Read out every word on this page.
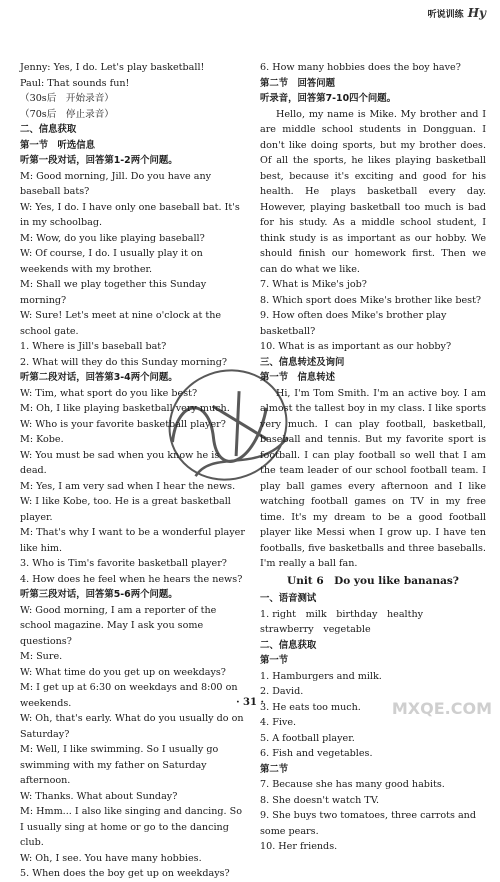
听说训练 Hy
Jenny: Yes, I do. Let's play basketball!
Paul: That sounds fun!
（30s后　开始录音）
（70s后　停止录音）
二、信息获取
第一节　听选信息
听第一段对话，回答第1-2两个问题。
M: Good morning, Jill. Do you have any baseball bats?
W: Yes, I do. I have only one baseball bat. It's in my schoolbag.
M: Wow, do you like playing baseball?
W: Of course, I do. I usually play it on weekends with my brother.
M: Shall we play together this Sunday morning?
W: Sure! Let's meet at nine o'clock at the school gate.
1. Where is Jill's baseball bat?
2. What will they do this Sunday morning?
听第二段对话，回答第3-4两个问题。
W: Tim, what sport do you like best?
M: Oh, I like playing basketball very much.
W: Who is your favorite basketball player?
M: Kobe.
W: You must be sad when you know he is dead.
M: Yes, I am very sad when I hear the news.
W: I like Kobe, too. He is a great basketball player.
M: That's why I want to be a wonderful player like him.
3. Who is Tim's favorite basketball player?
4. How does he feel when he hears the news?
听第三段对话，回答第5-6两个问题。
W: Good morning, I am a reporter of the school magazine. May I ask you some questions?
M: Sure.
W: What time do you get up on weekdays?
M: I get up at 6:30 on weekdays and 8:00 on weekends.
W: Oh, that's early. What do you usually do on Saturday?
M: Well, I like swimming. So I usually go swimming with my father on Saturday afternoon.
W: Thanks. What about Sunday?
M: Hmm... I also like singing and dancing. So I usually sing at home or go to the dancing club.
W: Oh, I see. You have many hobbies.
5. When does the boy get up on weekdays?
6. How many hobbies does the boy have?
第二节　回答问题
听录音，回答第7-10四个问题。
Hello, my name is Mike. My brother and I are middle school students in Dongguan. I don't like doing sports, but my brother does. Of all the sports, he likes playing basketball best, because it's exciting and good for his health. He plays basketball every day. However, playing basketball too much is bad for his study. As a middle school student, I think study is as important as our hobby. We should finish our homework first. Then we can do what we like.
7. What is Mike's job?
8. Which sport does Mike's brother like best?
9. How often does Mike's brother play basketball?
10. What is as important as our hobby?
三、信息转述及询问
第一节　信息转述
Hi, I'm Tom Smith. I'm an active boy. I am almost the tallest boy in my class. I like sports very much. I can play football, basketball, baseball and tennis. But my favorite sport is football. I can play football so well that I am the team leader of our school football team. I play ball games every afternoon and I like watching football games on TV in my free time. It's my dream to be a good football player like Messi when I grow up. I have ten footballs, five basketballs and three baseballs. I'm really a ball fan.
Unit 6　Do you like bananas?
一、语音测试
1. right　milk　birthday　healthy　strawberry　vegetable
二、信息获取
第一节
1. Hamburgers and milk.
2. David.
3. He eats too much.
4. Five.
5. A football player.
6. Fish and vegetables.
第二节
7. Because she has many good habits.
8. She doesn't watch TV.
9. She buys two tomatoes, three carrots and some pears.
10. Her friends.
· 31 ·	MXQE.COM
